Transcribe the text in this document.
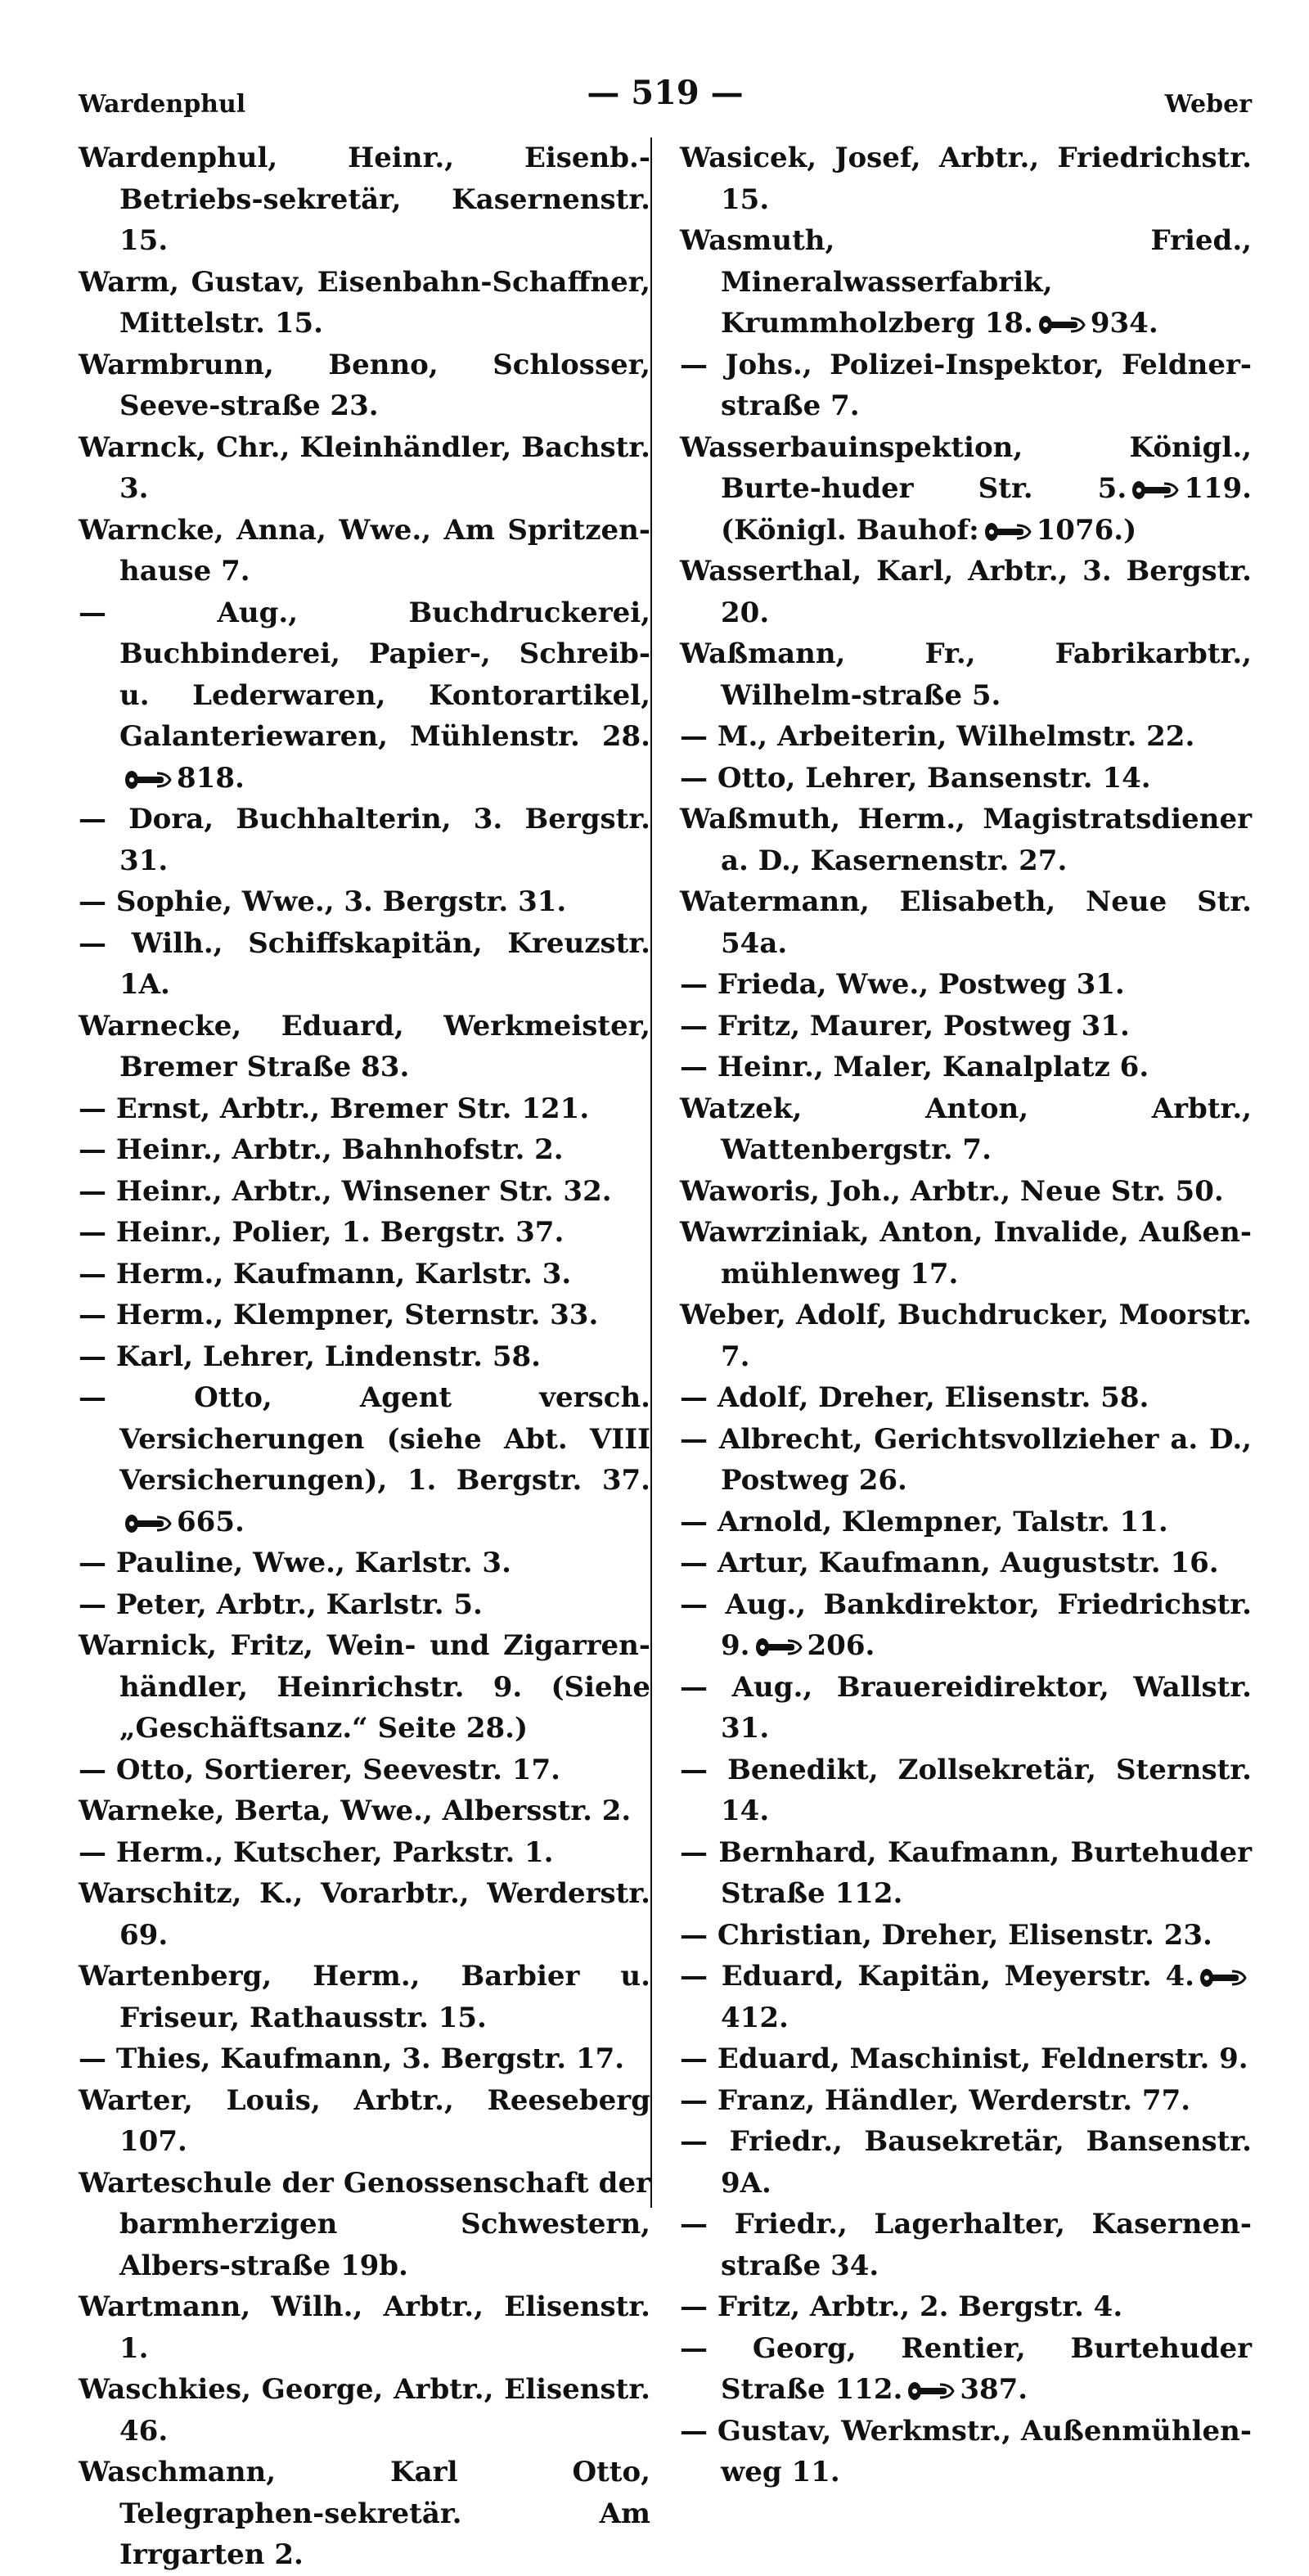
Wardenphul	— 519 —	Weber
Wardenphul, Heinr., Eisenb.-Betriebs-sekretär, Kasernenstr. 15.
Warm, Gustav, Eisenbahn-Schaffner, Mittelstr. 15.
Warmbrunn, Benno, Schlosser, Seeve-straße 23.
Warnck, Chr., Kleinhändler, Bachstr. 3.
Warncke, Anna, Wwe., Am Spritzen-hause 7.
— Aug., Buchdruckerei, Buchbinderei, Papier-, Schreib- u. Lederwaren, Kontorartikel, Galanteriewaren, Mühlenstr. 28.
818.
— Dora, Buchhalterin, 3. Bergstr. 31.
— Sophie, Wwe., 3. Bergstr. 31.
— Wilh., Schiffskapitän, Kreuzstr. 1A.
Warnecke, Eduard, Werkmeister, Bremer Straße 83.
— Ernst, Arbtr., Bremer Str. 121.
— Heinr., Arbtr., Bahnhofstr. 2.
— Heinr., Arbtr., Winsener Str. 32.
— Heinr., Polier, 1. Bergstr. 37.
— Herm., Kaufmann, Karlstr. 3.
— Herm., Klempner, Sternstr. 33.
— Karl, Lehrer, Lindenstr. 58.
— Otto, Agent versch. Versicherungen (siehe Abt. VIII Versicherungen), 1. Bergstr. 37.
665.
— Pauline, Wwe., Karlstr. 3.
— Peter, Arbtr., Karlstr. 5.
Warnick, Fritz, Wein- und Zigarren-händler, Heinrichstr. 9. (Siehe „Geschäftsanz.“ Seite 28.)
— Otto, Sortierer, Seevestr. 17.
Warneke, Berta, Wwe., Albersstr. 2.
— Herm., Kutscher, Parkstr. 1.
Warschitz, K., Vorarbtr., Werderstr. 69.
Wartenberg, Herm., Barbier u. Friseur, Rathausstr. 15.
— Thies, Kaufmann, 3. Bergstr. 17.
Warter, Louis, Arbtr., Reeseberg 107.
Warteschule der Genossenschaft der barmherzigen Schwestern, Albers-straße 19b.
Wartmann, Wilh., Arbtr., Elisenstr. 1.
Waschkies, George, Arbtr., Elisenstr. 46.
Waschmann, Karl Otto, Telegraphen-sekretär. Am Irrgarten 2.
Wasicek, Josef, Arbtr., Friedrichstr. 15.
Wasmuth, Fried., Mineralwasserfabrik, Krummholzberg 18. 934.
— Johs., Polizei-Inspektor, Feldner-straße 7.
Wasserbauinspektion, Königl., Burte-huder Str. 5. 119. (Königl. Bauhof: 1076.)
Wasserthal, Karl, Arbtr., 3. Bergstr. 20.
Waßmann, Fr., Fabrikarbtr., Wilhelm-straße 5.
— M., Arbeiterin, Wilhelmstr. 22.
— Otto, Lehrer, Bansenstr. 14.
Waßmuth, Herm., Magistratsdiener a. D., Kasernenstr. 27.
Watermann, Elisabeth, Neue Str. 54a.
— Frieda, Wwe., Postweg 31.
— Fritz, Maurer, Postweg 31.
— Heinr., Maler, Kanalplatz 6.
Watzek, Anton, Arbtr., Wattenbergstr. 7.
Waworis, Joh., Arbtr., Neue Str. 50.
Wawrziniak, Anton, Invalide, Außen-mühlenweg 17.
Weber, Adolf, Buchdrucker, Moorstr. 7.
— Adolf, Dreher, Elisenstr. 58.
— Albrecht, Gerichtsvollzieher a. D., Postweg 26.
— Arnold, Klempner, Talstr. 11.
— Artur, Kaufmann, Auguststr. 16.
— Aug., Bankdirektor, Friedrichstr. 9. 206.
— Aug., Brauereidirektor, Wallstr. 31.
— Benedikt, Zollsekretär, Sternstr. 14.
— Bernhard, Kaufmann, Burtehuder Straße 112.
— Christian, Dreher, Elisenstr. 23.
— Eduard, Kapitän, Meyerstr. 4.
412.
— Eduard, Maschinist, Feldnerstr. 9.
— Franz, Händler, Werderstr. 77.
— Friedr., Bausekretär, Bansenstr. 9A.
— Friedr., Lagerhalter, Kasernen-straße 34.
— Fritz, Arbtr., 2. Bergstr. 4.
— Georg, Rentier, Burtehuder Straße 112. 387.
— Gustav, Werkmstr., Außenmühlen-weg 11.
